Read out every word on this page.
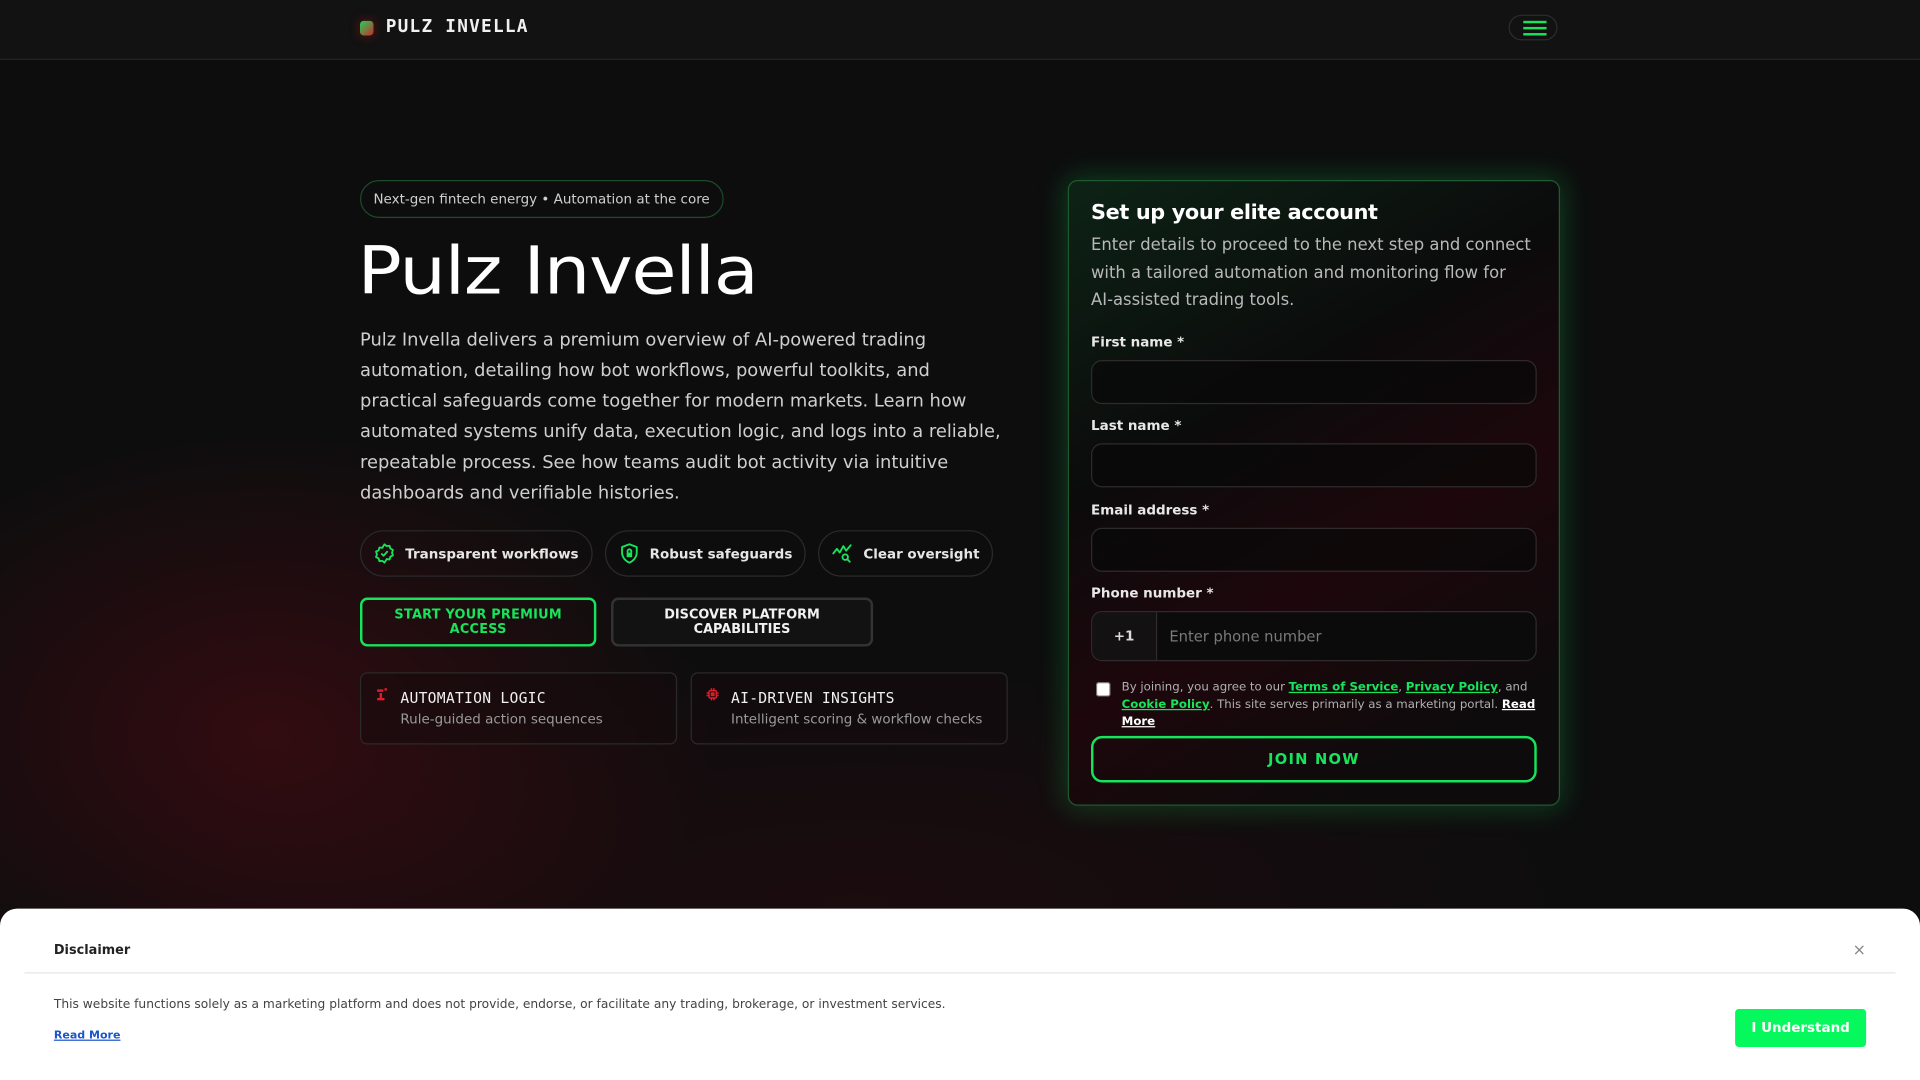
PULZ INVELLA
Next-gen fintech energy • Automation at the core
Pulz Invella

Pulz Invella delivers a premium overview of AI-powered trading automation, detailing how bot workflows, powerful toolkits, and practical safeguards come together for modern markets. Learn how automated systems unify data, execution logic, and logs into a reliable, repeatable process. See how teams audit bot activity via intuitive dashboards and verifiable histories.

Transparent workflows	Robust safeguards	Clear oversight
START YOUR PREMIUM ACCESS
DISCOVER PLATFORM CAPABILITIES
AUTOMATION LOGIC
Rule-guided action sequences
AI-DRIVEN INSIGHTS
Intelligent scoring & workflow checks
Set up your elite account

Enter details to proceed to the next step and connect with a tailored automation and monitoring flow for AI-assisted trading tools.

First name *
Last name *
Email address *
Phone number *
+1
Enter phone number

By joining, you agree to our Terms of Service, Privacy Policy, and Cookie Policy. This site serves primarily as a marketing portal. Read More

JOIN NOW
Disclaimer	×
This website functions solely as a marketing platform and does not provide, endorse, or facilitate any trading, brokerage, or investment services.
Read More	I Understand
